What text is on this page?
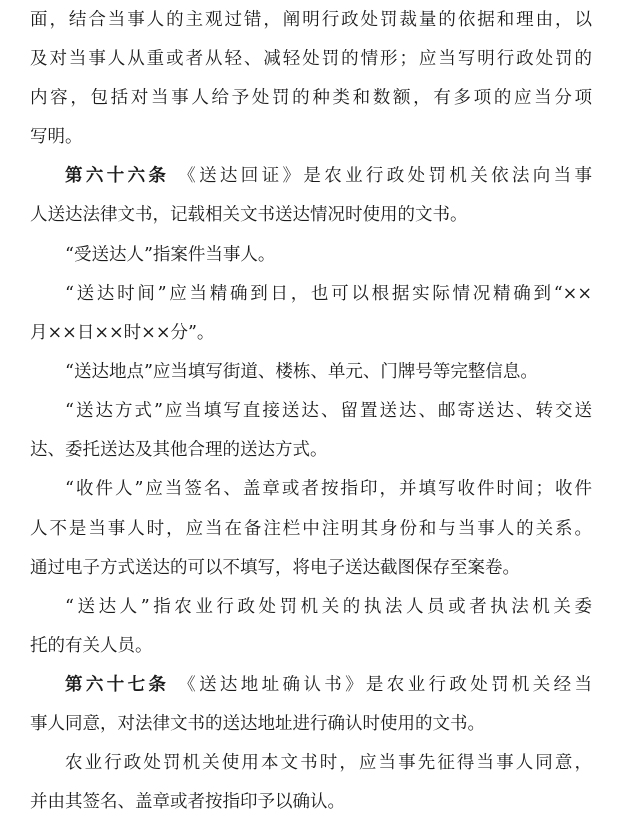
面，结合当事人的主观过错，阐明行政处罚裁量的依据和理由，以
及对当事人从重或者从轻、减轻处罚的情形；应当写明行政处罚的
内容，包括对当事人给予处罚的种类和数额，有多项的应当分项
写明。
第六十六条 《送达回证》是农业行政处罚机关依法向当事
人送达法律文书，记载相关文书送达情况时使用的文书。
“受送达人”指案件当事人。
“送达时间”应当精确到日，也可以根据实际情况精确到“××
月××日××时××分”。
“送达地点”应当填写街道、楼栋、单元、门牌号等完整信息。
“送达方式”应当填写直接送达、留置送达、邮寄送达、转交送
达、委托送达及其他合理的送达方式。
“收件人”应当签名、盖章或者按指印，并填写收件时间；收件
人不是当事人时，应当在备注栏中注明其身份和与当事人的关系。
通过电子方式送达的可以不填写，将电子送达截图保存至案卷。
“送达人”指农业行政处罚机关的执法人员或者执法机关委
托的有关人员。
第六十七条 《送达地址确认书》是农业行政处罚机关经当
事人同意，对法律文书的送达地址进行确认时使用的文书。
农业行政处罚机关使用本文书时，应当事先征得当事人同意，
并由其签名、盖章或者按指印予以确认。
